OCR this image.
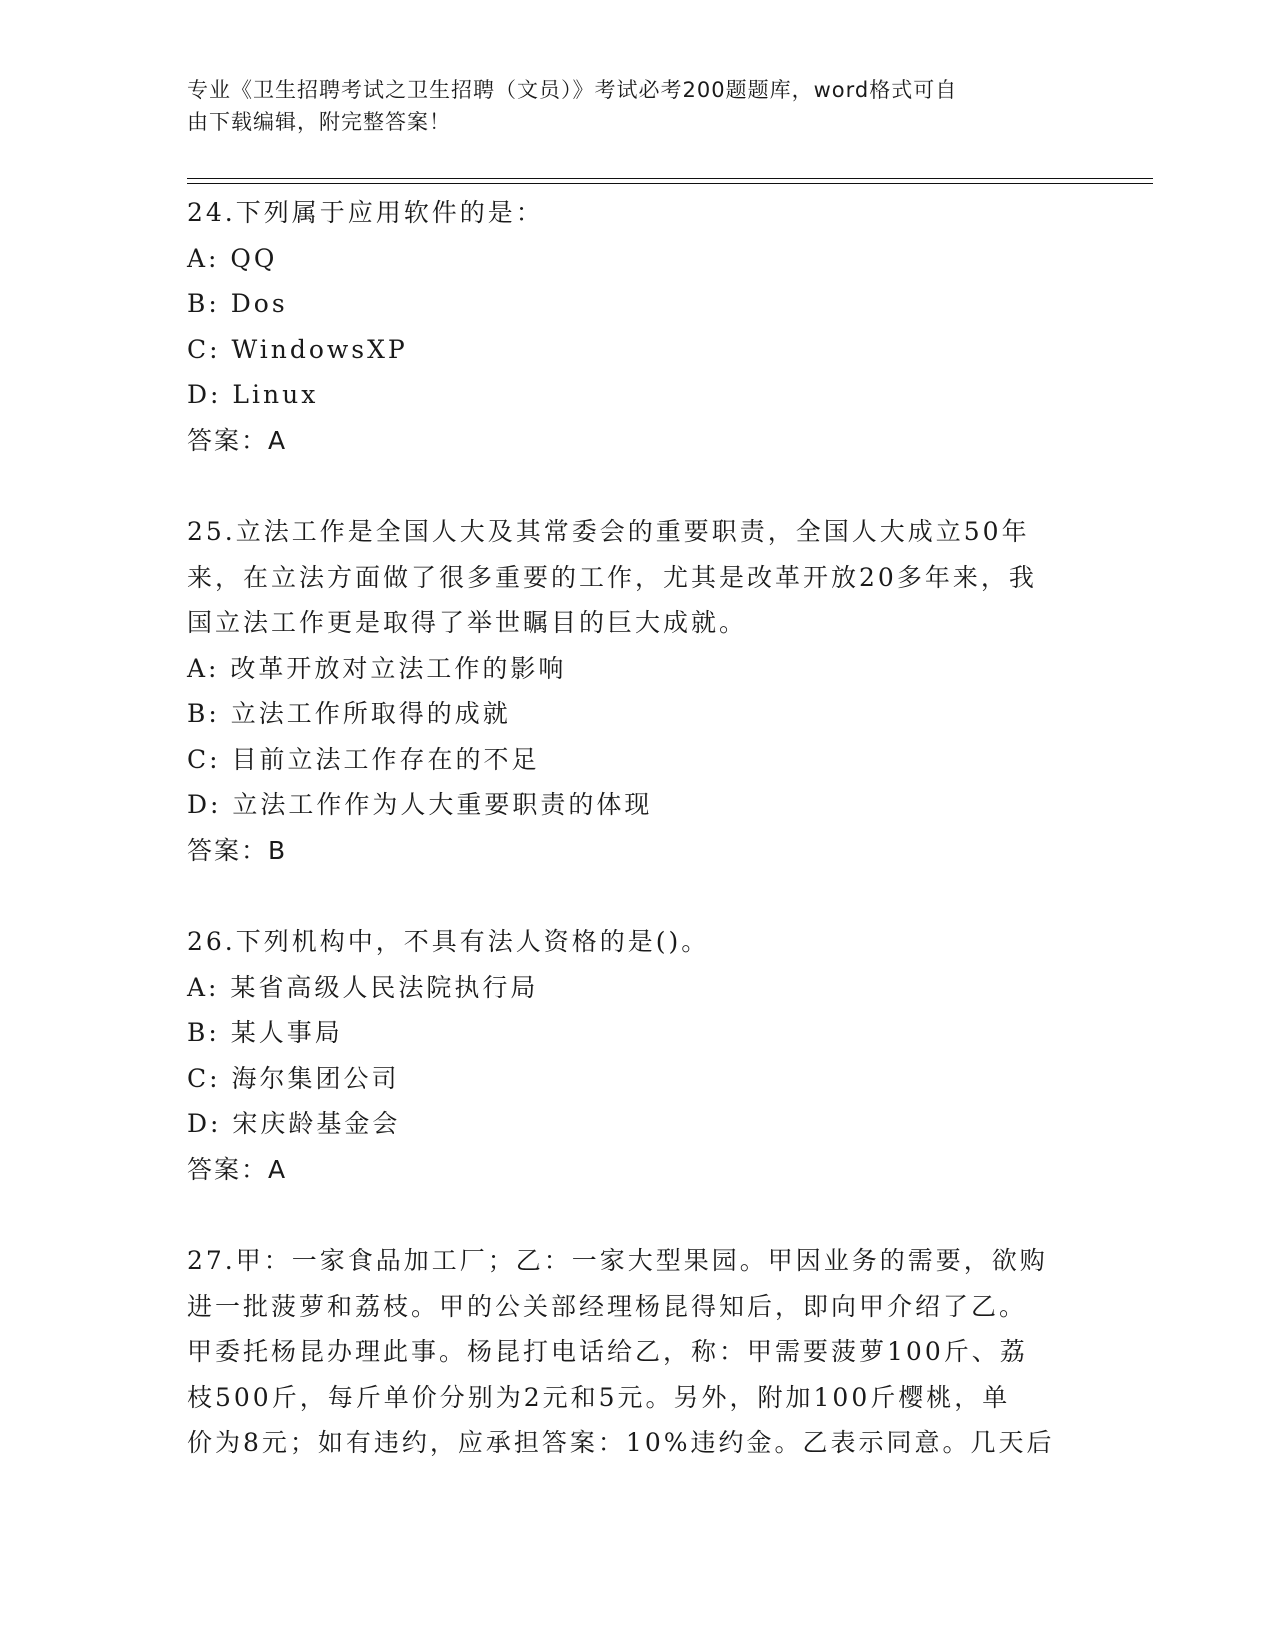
专业《卫生招聘考试之卫生招聘（文员）》考试必考200题题库，word格式可自
由下载编辑，附完整答案！
24.下列属于应用软件的是：
A: QQ
B: Dos
C: WindowsXP
D: Linux
答案：A
25.立法工作是全国人大及其常委会的重要职责，全国人大成立50年
来，在立法方面做了很多重要的工作，尤其是改革开放20多年来，我
国立法工作更是取得了举世瞩目的巨大成就。
A: 改革开放对立法工作的影响
B: 立法工作所取得的成就
C: 目前立法工作存在的不足
D: 立法工作作为人大重要职责的体现
答案：B
26.下列机构中，不具有法人资格的是()。
A: 某省高级人民法院执行局
B: 某人事局
C: 海尔集团公司
D: 宋庆龄基金会
答案：A
27.甲：一家食品加工厂；乙：一家大型果园。甲因业务的需要，欲购
进一批菠萝和荔枝。甲的公关部经理杨昆得知后，即向甲介绍了乙。
甲委托杨昆办理此事。杨昆打电话给乙，称：甲需要菠萝100斤、荔
枝500斤，每斤单价分别为2元和5元。另外，附加100斤樱桃，单
价为8元；如有违约，应承担答案：10%违约金。乙表示同意。几天后
